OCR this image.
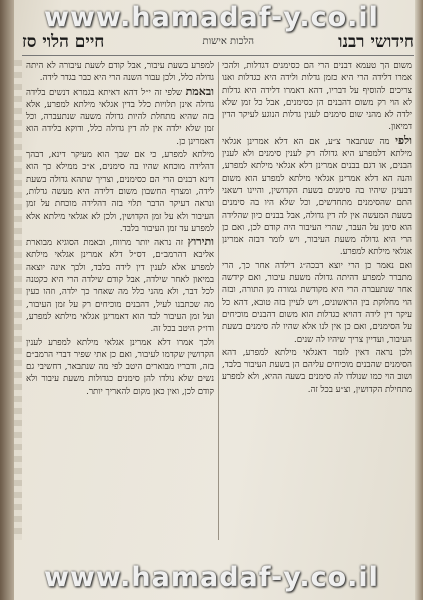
חידושי רבנו
הלכות אישות
חיים הלוי סז

משום הך טעמא דבנים הרי הם כסימנים דגדלות, ולהכי אמרו דלידה הרי היא כזמן גדלות ולידה היא כגדלות ואנו צריכים להוסיף על דבריו, דהא דאמרו דלידה היא גדלות לא הוי רק משום דהבנים הן כסימנים, אבל כל זמן שלא ילדה לא מהני שום סימנים לענין גדלות הנוגע לעיקר הדין דמיאון.

ולפי מה שנתבאר צ״ע, אם הא דלא אמרינן אגלאי מילתא דלמפרע היא גדולה רק לענין סימנים ולא לענין הבנים, או דגם בבנים אמרינן דלא אגלאי מילתא למפרע, והנה הא דלא אמרינן אגלאי מילתא למפרע הוא משום דבעינן שיהיו בה סימנים בשעת הקדושין, והיינו דשאני התם שהסימנים מתחדשים, וכל שלא היו בה סימנים בשעת המעשה אין לה דין גדולה, אבל בבנים כיון שהלידה הוא סימן על העבר, שהרי העיבור היה קודם לכן, ואם כן הרי היא גדולה משעת העיבור, ויש לומר דבזה אמרינן אגלאי מילתא למפרע.

ואם נאמר כן הרי יוצא דבכה״ג דילדה אחר כך, הרי מתברר למפרע דהיתה גדולה משעת עיבור, ואם קידשה אחר שנתעברה הרי היא מקודשת גמורה מן התורה, ובזה הוי מחלוקת בין הראשונים, ויש לעיין בזה טובא, דהא כל עיקר דין לידה דהויא כגדלות הוא משום דהבנים מוכיחים על הסימנים, ואם כן אין לנו אלא שהיו לה סימנים בשעת העיבור, ועדיין צריך שיהיו לה שנים.

ולכן נראה דאין לומר דאגלאי מילתא למפרע, דהא הסימנים שהבנים מוכיחים עליהם הן בשעת העיבור בלבד, ושוב הוי כמו שנולדו לה סימנים בשעה ההיא, ולא למפרע מתחילת הקדושין, וצ״ע בכל זה.

למפרע בשעת עיבור, אבל קודם לשעת עיבורה לא היתה גדולה כלל, ולכן עבור השנה הרי היא כבר בגדר לידה.

ובאמת שלפי זה י״ל דהא דאיתא בגמרא דנשים בלידה גדולה אינן תלויות כלל בדין אגלאי מילתא למפרע, אלא בזה שהיא מתחלת להיות גדולה משעה שנתעברה, וכל זמן שלא ילדה אין לה דין גדולה כלל, ודוקא בלידה הוא דאמרינן כן.

מילתא למפרע, כי אם שבך הוא מעיקר דינא, דבהך דהלידה מוכחא שהיו בה סימנים, א״כ ממילא כך הוא דינא דבנים הרי הם כסימנים, וצריך שתהא גדולה בשעת לידה, ומצרף החשבון משום דלידה היא מעשה גדלות, ונראה דעיקר הדבר תלוי בזה דהלידה מוכחת על זמן העיבור ולא על זמן הקדושין, ולכן לא אגלאי מילתא אלא למפרע עד זמן העיבור בלבד.

ותירוץ זה נראה יותר מרווח, ובאמת הסוגיא מבוארת אליבא דהרמב״ם, דס״ל דלא אמרינן אגלאי מילתא למפרע אלא לענין דין לידה בלבד, ולכך אינה יוצאה במיאון לאחר שילדה, אבל קודם שילדה הרי היא כקטנה לכל דבר, ולא מהני כלל מה שאחר כך ילדה, וזהו כעין מה שכתבנו לעיל, דהבנים מוכיחים רק על זמן העיבור, ועל זמן העיבור לבד הוא דאמרינן אגלאי מילתא למפרע, ודו״ק היטב בכל זה.

ולכך אמרו דלא אמרינן אגלאי מילתא למפרע לענין הקדושין שקדמו לעיבור, ואם כן אתי שפיר דברי הרמב״ם בזה, ודבריו מבוארים היטב לפי מה שנתבאר, דחשיבי גם נשים שלא נולדו להן סימנים כגדולות משעת עיבור ולא קודם לכן, ואין כאן מקום להאריך יותר.

www.hamadaf-y.co.il
www.hamadaf-y.co.il
